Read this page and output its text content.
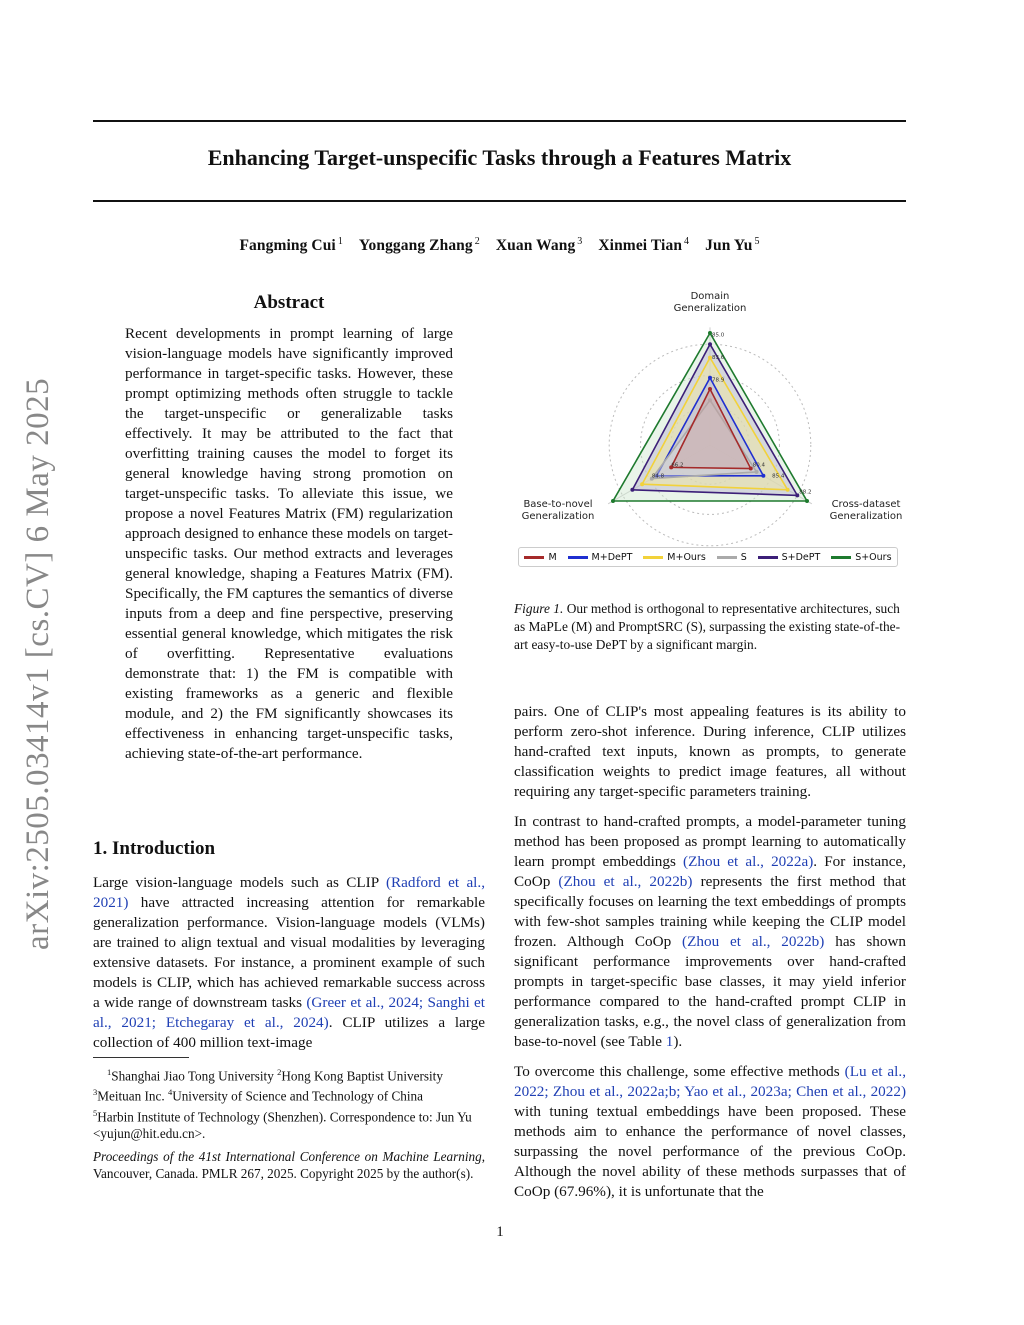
Enhancing Target-unspecific Tasks through a Features Matrix
Fangming Cui $^1$ Yonggang Zhang $^2$ Xuan Wang $^3$ Xinmei Tian $^4$ Jun Yu $^5$
arXiv:2505.03414v1 [cs.CV] 6 May 2025
Abstract
Recent developments in prompt learning of large vision-language models have significantly improved performance in target-specific tasks. However, these prompt optimizing methods often struggle to tackle the target-unspecific or generalizable tasks effectively. It may be attributed to the fact that overfitting training causes the model to forget its general knowledge having strong promotion on target-unspecific tasks. To alleviate this issue, we propose a novel Features Matrix (FM) regularization approach designed to enhance these models on target-unspecific tasks. Our method extracts and leverages general knowledge, shaping a Features Matrix (FM). Specifically, the FM captures the semantics of diverse inputs from a deep and fine perspective, preserving essential general knowledge, which mitigates the risk of overfitting. Representative evaluations demonstrate that: 1) the FM is compatible with existing frameworks as a generic and flexible module, and 2) the FM significantly showcases its effectiveness in enhancing target-unspecific tasks, achieving state-of-the-art performance.
1. Introduction
Large vision-language models such as CLIP (Radford et al., 2021) have attracted increasing attention for remarkable generalization performance. Vision-language models (VLMs) are trained to align textual and visual modalities by leveraging extensive datasets. For instance, a prominent example of such models is CLIP, which has achieved remarkable success across a wide range of downstream tasks (Greer et al., 2024; Sanghi et al., 2021; Etchegaray et al., 2024). CLIP utilizes a large collection of 400 million text-image
$^1$Shanghai Jiao Tong University $^2$Hong Kong Baptist University
$^3$Meituan Inc. $^4$University of Science and Technology of China
$^5$Harbin Institute of Technology (Shenzhen). Correspondence to: Jun Yu <yujun@hit.edu.cn>.
Proceedings of the 41st International Conference on Machine Learning, Vancouver, Canada. PMLR 267, 2025. Copyright 2025 by the author(s).
78.9
66.2	80.4
83.6
84.8	85.4
85.0
88.2
Domain
Generalization
Base-to-novel
Generalization
Cross-dataset
Generalization
M	M+DePT	M+Ours	S	S+DePT	S+Ours
Figure 1. Our method is orthogonal to representative architectures, such as MaPLe (M) and PromptSRC (S), surpassing the existing state-of-the-art easy-to-use DePT by a significant margin.

pairs. One of CLIP's most appealing features is its ability to perform zero-shot inference. During inference, CLIP utilizes hand-crafted text inputs, known as prompts, to generate classification weights to predict image features, all without requiring any target-specific parameters training.

In contrast to hand-crafted prompts, a model-parameter tuning method has been proposed as prompt learning to automatically learn prompt embeddings (Zhou et al., 2022a). For instance, CoOp (Zhou et al., 2022b) represents the first method that specifically focuses on learning the text embeddings of prompts with few-shot samples training while keeping the CLIP model frozen. Although CoOp (Zhou et al., 2022b) has shown significant performance improvements over hand-crafted prompts in target-specific base classes, it may yield inferior performance compared to the hand-crafted prompt CLIP in generalization tasks, e.g., the novel class of generalization from base-to-novel (see Table 1).

To overcome this challenge, some effective methods (Lu et al., 2022; Zhou et al., 2022a;b; Yao et al., 2023a; Chen et al., 2022) with tuning textual embeddings have been proposed. These methods aim to enhance the performance of novel classes, surpassing the novel performance of the previous CoOp. Although the novel ability of these methods surpasses that of CoOp (67.96%), it is unfortunate that the

1
